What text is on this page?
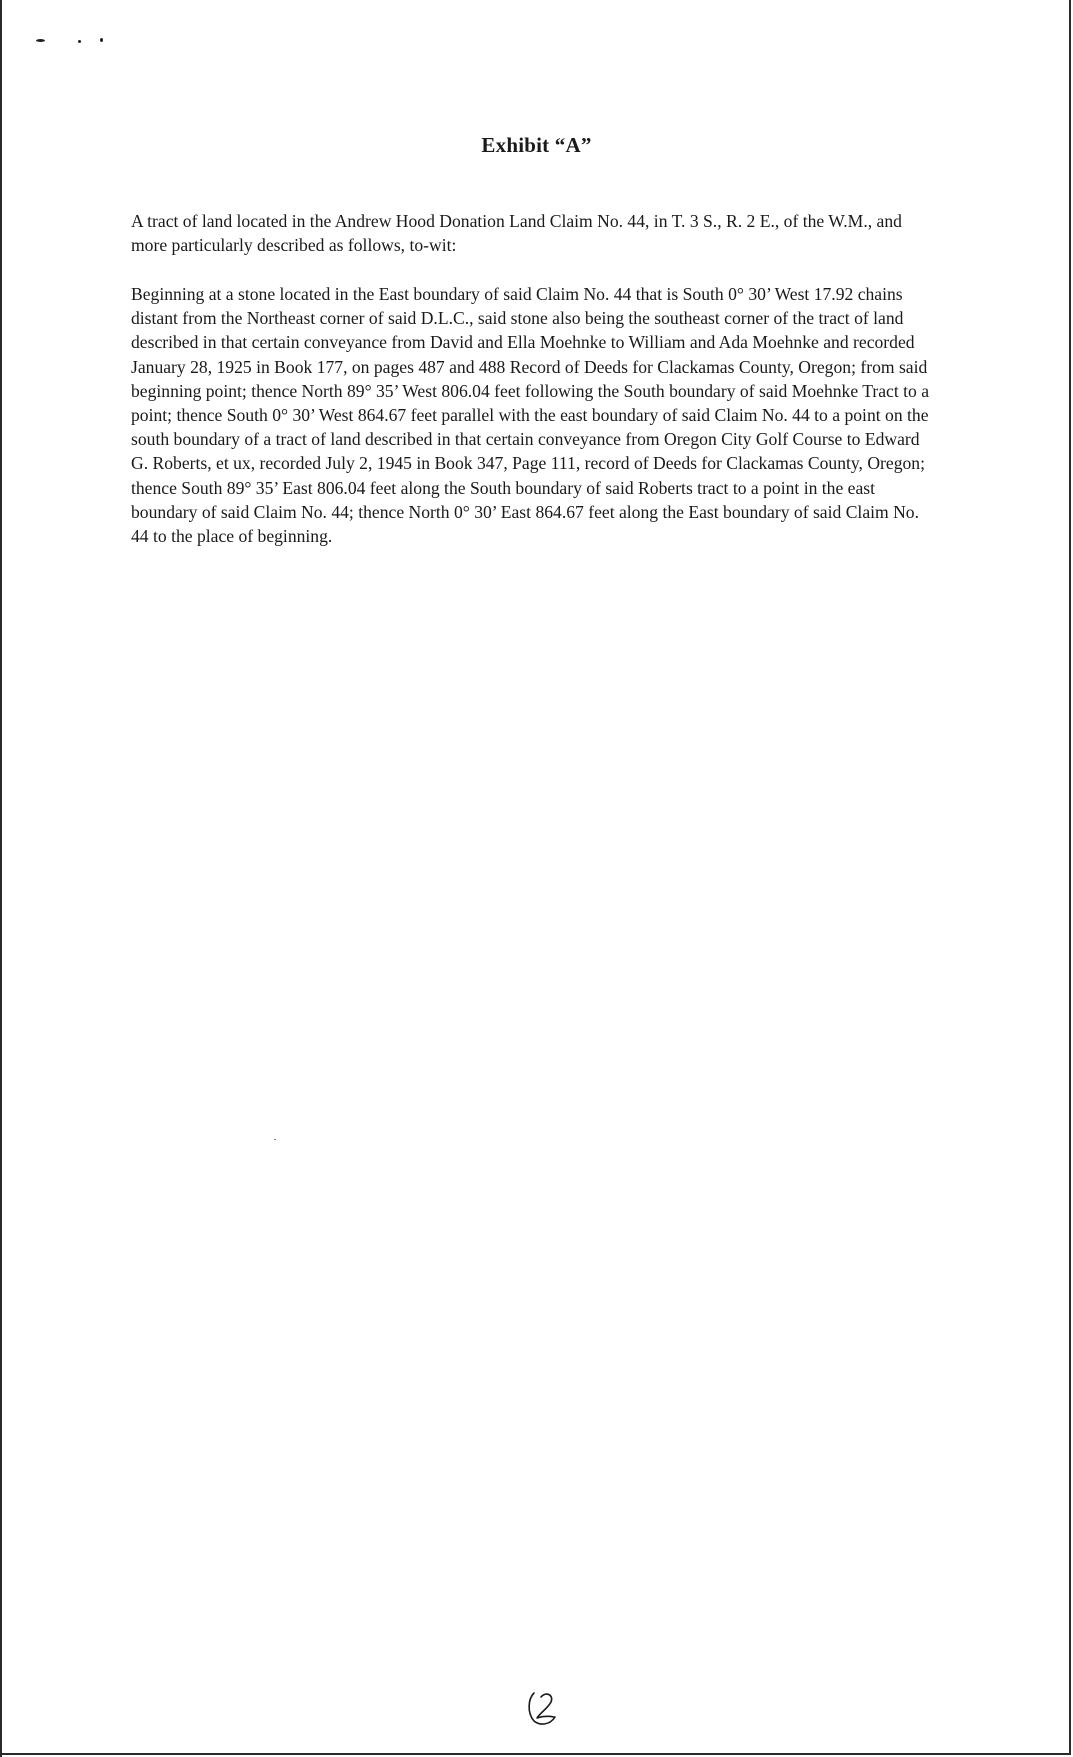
Exhibit “A”

A tract of land located in the Andrew Hood Donation Land Claim No. 44, in T. 3 S., R. 2 E., of the W.M., and more particularly described as follows, to-wit:

Beginning at a stone located in the East boundary of said Claim No. 44 that is South 0° 30’ West 17.92 chains distant from the Northeast corner of said D.L.C., said stone also being the southeast corner of the tract of land described in that certain conveyance from David and Ella Moehnke to William and Ada Moehnke and recorded January 28, 1925 in Book 177, on pages 487 and 488 Record of Deeds for Clackamas County, Oregon; from said beginning point; thence North 89° 35’ West 806.04 feet following the South boundary of said Moehnke Tract to a point; thence South 0° 30’ West 864.67 feet parallel with the east boundary of said Claim No. 44 to a point on the south boundary of a tract of land described in that certain conveyance from Oregon City Golf Course to Edward G. Roberts, et ux, recorded July 2, 1945 in Book 347, Page 111, record of Deeds for Clackamas County, Oregon; thence South 89° 35’ East 806.04 feet along the South boundary of said Roberts tract to a point in the east boundary of said Claim No. 44; thence North 0° 30’ East 864.67 feet along the East boundary of said Claim No. 44 to the place of beginning.
